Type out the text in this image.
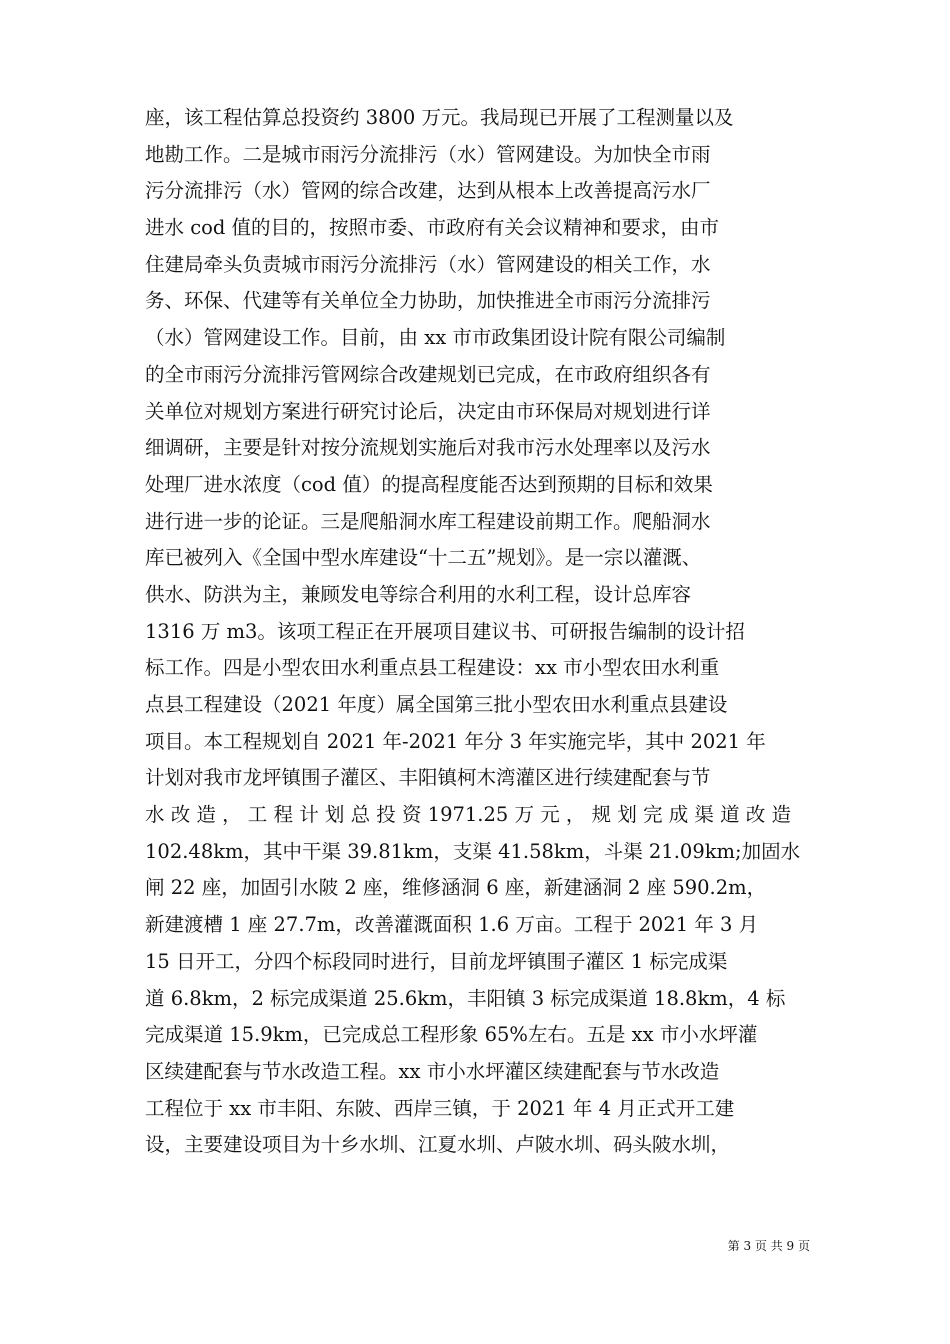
座，该工程估算总投资约 3800 万元。我局现已开展了工程测量以及
地勘工作。二是城市雨污分流排污（水）管网建设。为加快全市雨
污分流排污（水）管网的综合改建，达到从根本上改善提高污水厂
进水 cod 值的目的，按照市委、市政府有关会议精神和要求，由市
住建局牵头负责城市雨污分流排污（水）管网建设的相关工作，水
务、环保、代建等有关单位全力协助，加快推进全市雨污分流排污
（水）管网建设工作。目前，由 xx 市市政集团设计院有限公司编制
的全市雨污分流排污管网综合改建规划已完成，在市政府组织各有
关单位对规划方案进行研究讨论后，决定由市环保局对规划进行详
细调研，主要是针对按分流规划实施后对我市污水处理率以及污水
处理厂进水浓度（cod 值）的提高程度能否达到预期的目标和效果
进行进一步的论证。三是爬船洞水库工程建设前期工作。爬船洞水
库已被列入《全国中型水库建设“十二五”规划》。是一宗以灌溉、
供水、防洪为主，兼顾发电等综合利用的水利工程，设计总库容
1316 万 m3。该项工程正在开展项目建议书、可研报告编制的设计招
标工作。四是小型农田水利重点县工程建设：xx 市小型农田水利重
点县工程建设（2021 年度）属全国第三批小型农田水利重点县建设
项目。本工程规划自 2021 年-2021 年分 3 年实施完毕，其中 2021 年
计划对我市龙坪镇围子灌区、丰阳镇柯木湾灌区进行续建配套与节
水 改 造 ， 工 程 计 划 总 投 资 1971.25 万 元 ， 规 划 完 成 渠 道 改 造
102.48km，其中干渠 39.81km，支渠 41.58km，斗渠 21.09km;加固水
闸 22 座，加固引水陂 2 座，维修涵洞 6 座，新建涵洞 2 座 590.2m，
新建渡槽 1 座 27.7m，改善灌溉面积 1.6 万亩。工程于 2021 年 3 月
15 日开工，分四个标段同时进行，目前龙坪镇围子灌区 1 标完成渠
道 6.8km，2 标完成渠道 25.6km，丰阳镇 3 标完成渠道 18.8km，4 标
完成渠道 15.9km，已完成总工程形象 65%左右。五是 xx 市小水坪灌
区续建配套与节水改造工程。xx 市小水坪灌区续建配套与节水改造
工程位于 xx 市丰阳、东陂、西岸三镇，于 2021 年 4 月正式开工建
设，主要建设项目为十乡水圳、江夏水圳、卢陂水圳、码头陂水圳，
第 3 页 共 9 页
